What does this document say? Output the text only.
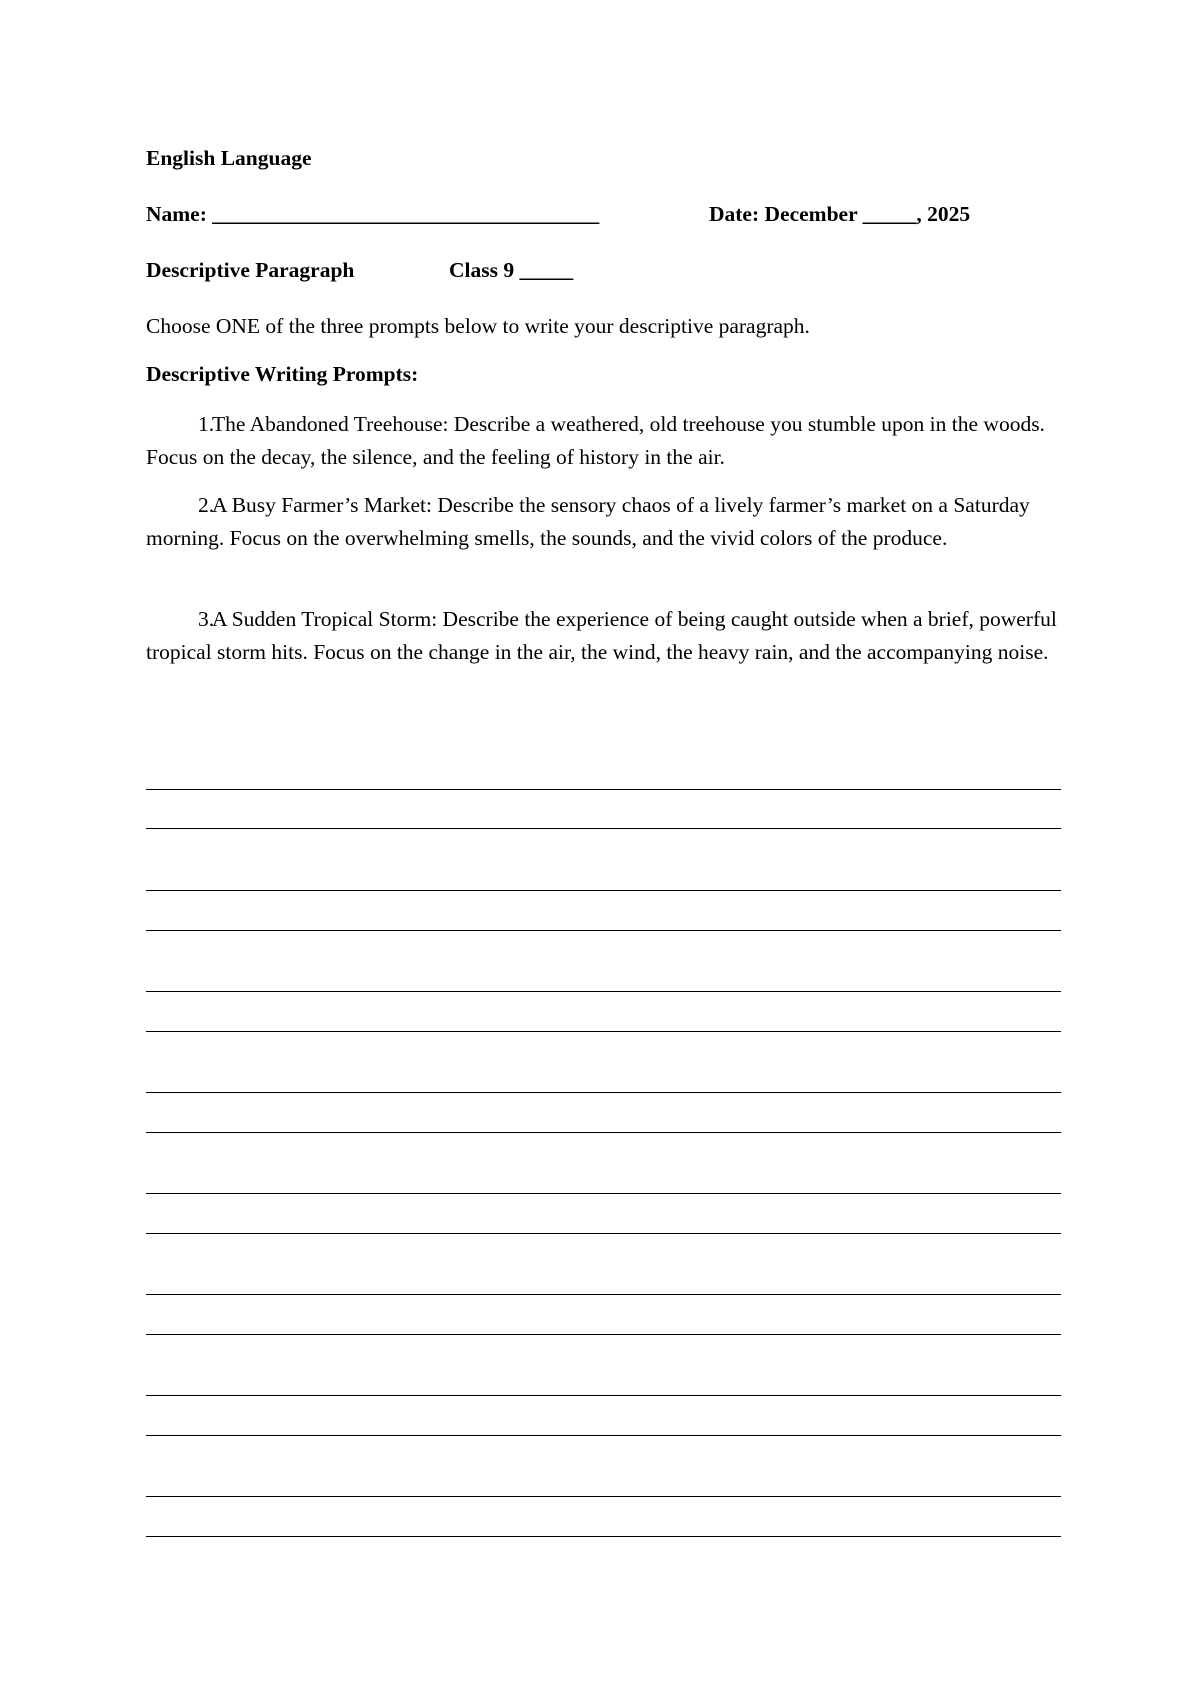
English Language
Name: ____________________________________	Date: December _____, 2025
Descriptive Paragraph	Class 9 _____
Choose ONE of the three prompts below to write your descriptive paragraph.
Descriptive Writing Prompts:
1.The Abandoned Treehouse: Describe a weathered, old treehouse you stumble upon in the woods. Focus on the decay, the silence, and the feeling of history in the air.
2.A Busy Farmer’s Market: Describe the sensory chaos of a lively farmer’s market on a Saturday morning. Focus on the overwhelming smells, the sounds, and the vivid colors of the produce.
3.A Sudden Tropical Storm: Describe the experience of being caught outside when a brief, powerful tropical storm hits. Focus on the change in the air, the wind, the heavy rain, and the accompanying noise.
